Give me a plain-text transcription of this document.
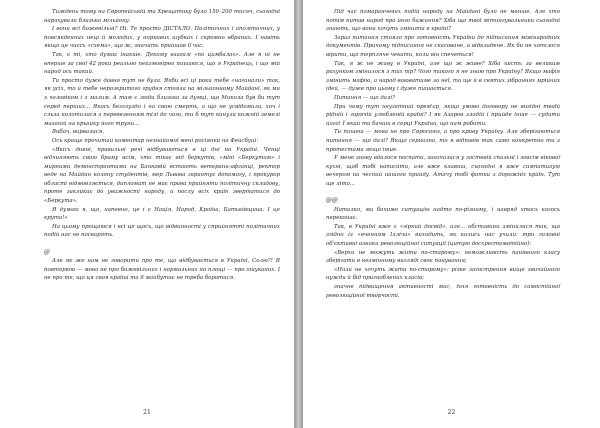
Тиждень тому на Європейській та Хрещатику було 150–200 тисяч, сьогодні нарахували близько мільйону.

І вони всі божевільні? Ні. Те просто ДІСТАЛО. Політичних і аполітичних, у повсякденних неці й молодих, у норкових шубках і скромно вбраних. І навіть якщо це чиєсь «схема», що ж, значить прийшов її час.

Так, є ті, хто думає інакше. Декому взагалі «по цимбалах». Але я ні не вперше за свої 42 роки реально пейзмовірно пишаюся, що я Українець, і що мій народ ось такий.

Ти просто дуже давно тут не була. Якби всі ці роки тебе «нагинали» так, як усіх, то й тебе нерозкритого грудня стояла на мільйонному Майдані, як ми з чоловіком і з малим. А там є люди близько за думці, що Микола був би тут серед перших... Якось безглуздо і на свою смерть, а що не усвідомила, хоч і сльза колотилася з перевезенням тілі до чого, ти б тут кинула кожній земелі мазаній на крышку його труни...

Вибач, вирвалася.

Ось краще прочитай коментар незнайомої мені росіянки на Фейсбуці:

«Якісь дивні, правильні речі відбуваються в ці дні на Україні. Ченці відчиняють свою браму всім, хто тікає від беркутів, «міні «Беркутом» і мирними демонстрантами на Банковій встають ветерани-афганці, ректор веде на Майдан колону студентів, мер Львова гарантує допомогу, і прокурор області відмовляється, дипломат не має права прийняти політичну складову, проте закликає до уважності народу, а послу всіх країн звертатися до «Беркута».

Я думаю я, що, напевно, це і є Нація, Народ, Країна, Батьківщина. І це круто!»

На цьому прощаюся і всі це щось, що відвинності у сприйнятті політичних подій нас не посварять.

@

Але як же нам не говорити про те, що відбувається в Україні, Солю?! Я повторюю — мова не про божевільних і нормальних на площі — про ошуканих. І не про те, що ця своя країна та її майбутнє не треба боротися.

21

Під час помаранчевих подій народу на Майдані було не менше. Але хто потім питав народ про його бажання? Хіба що твої мітингувальники сьогодні знають, що вони хочуть змінити в країні?

Зараз питання стояло про готовність України до підписання міжнародних документів. Причому підписання не скасоване, а відкладене. Як би не хотілося вірити, що терпляче чекати, коли він спечеться!

Так, я ж не живу в Україні, але що ж живе? Хіба шість за великим рахунком змінилося з тих пір? Чого такого я не знаю про Україну? Якщо мафія змінить мафію, а народ воюватиме за неї, та ще й в святих зібраннях мрійних ідей, — дуже про цьому і дуже пишається.

Питання — що далі?

При чому тут неугатний прем'єр, якщо умово договору не вигідні твоїй рідній і гарячій улюбленій країні? І як Азаров злодій і прийде інше — судити його! Ї який ти бачиш в серці Україна, що нам робити.

Ти пишеш — мова не про Євросоюз, а про криву Україну. Але зберігаються питання — що далі? Якщо серйозно, то я відповів так само конкретно ти з протестами якщо інше.

У мене знову вдалося поспати, захочалася у гостевій спальні і зовсім вікової кухні, щоб тобі написати, але вже клавиш, сьогодні я вже симпатизую вечером на чесний нашого прийду. Атачу тобі фотки з дорожніх країн. Тут ще літо...

@@

Наталко, ми бачимо ситуацію надто по-різному, і навряд хтось когось переконає.

Так, в Україні вже є «гіркий досвід», але... обставини змінилися так, що згідно із «вченням Ілліча» виходить, як колись нас учили: три головні об'єктивні ознаки революційної ситуації (цитую досхрестоматійно):

«Верхи не можуть жити по-старому»: неможливість панівного класу зберігати в незмінному вигляді своє панування;

«Низи не хочуть жити по-старому»: різке загострення вище звичайного нужди й бід пригноблених класів;

значне підвищення активності мас, їхня готовність до самостійної революційної творчості.

22
